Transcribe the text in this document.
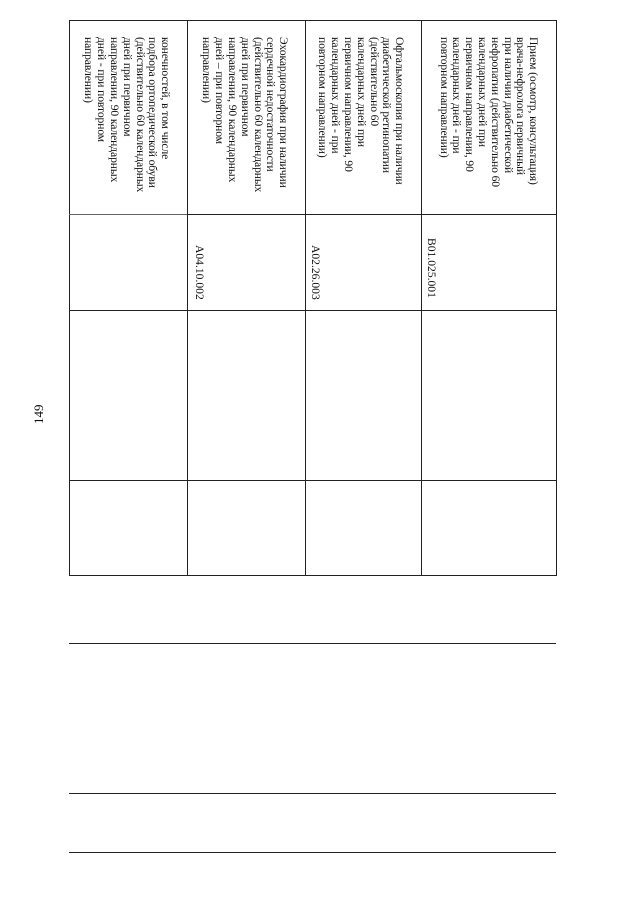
149

конечностей, в том числе
подбора ортопедической обуви
(действительно 60 календарных
дней при первичном
направлении, 90 календарных
дней - при повторном
направлении)
	Эхокардиография при наличии
сердечной недостаточности
(действительно 60 календарных
дней при первичном
направлении, 90 календарных
дней – при повторном
направлении)

A04.10.002

Офтальмоскопия при наличии
диабетической ретинопатии
(действительно 60
календарных дней при
первичном направлении, 90
календарных дней - при
повторном направлении)

A02.26.003

Прием (осмотр, консультация)
врача-нефролога первичный
при наличии диабетической
нефропатии (действительно 60
календарных дней при
первичном направлении, 90
календарных дней - при
повторном направлении)

B01.025.001
